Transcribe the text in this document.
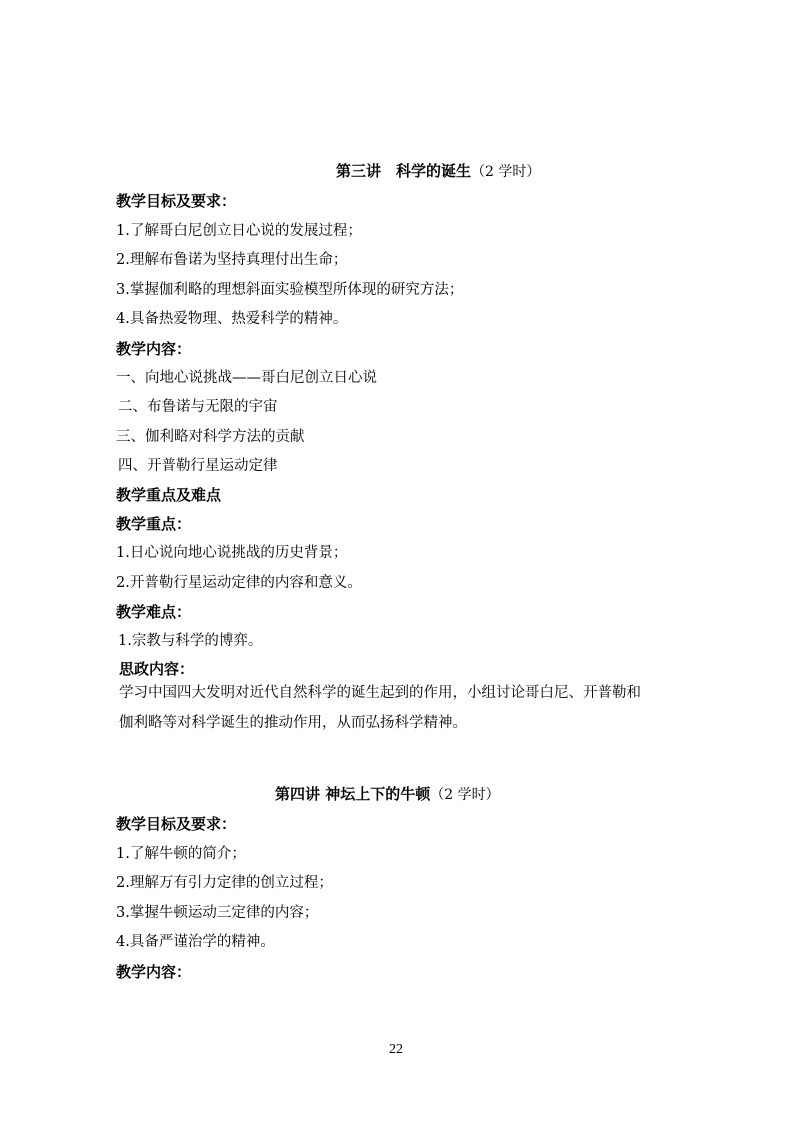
第三讲　科学的诞生（2 学时）
教学目标及要求：
1.了解哥白尼创立日心说的发展过程；
2.理解布鲁诺为坚持真理付出生命；
3.掌握伽利略的理想斜面实验模型所体现的研究方法；
4.具备热爱物理、热爱科学的精神。
教学内容：
一、向地心说挑战——哥白尼创立日心说
二、布鲁诺与无限的宇宙
三、伽利略对科学方法的贡献
四、开普勒行星运动定律
教学重点及难点
教学重点：
1.日心说向地心说挑战的历史背景；
2.开普勒行星运动定律的内容和意义。
教学难点：
1.宗教与科学的博弈。
思政内容：
学习中国四大发明对近代自然科学的诞生起到的作用，小组讨论哥白尼、开普勒和
伽利略等对科学诞生的推动作用，从而弘扬科学精神。
第四讲 神坛上下的牛顿（2 学时）
教学目标及要求：
1.了解牛顿的简介；
2.理解万有引力定律的创立过程；
3.掌握牛顿运动三定律的内容；
4.具备严谨治学的精神。
教学内容：
22
